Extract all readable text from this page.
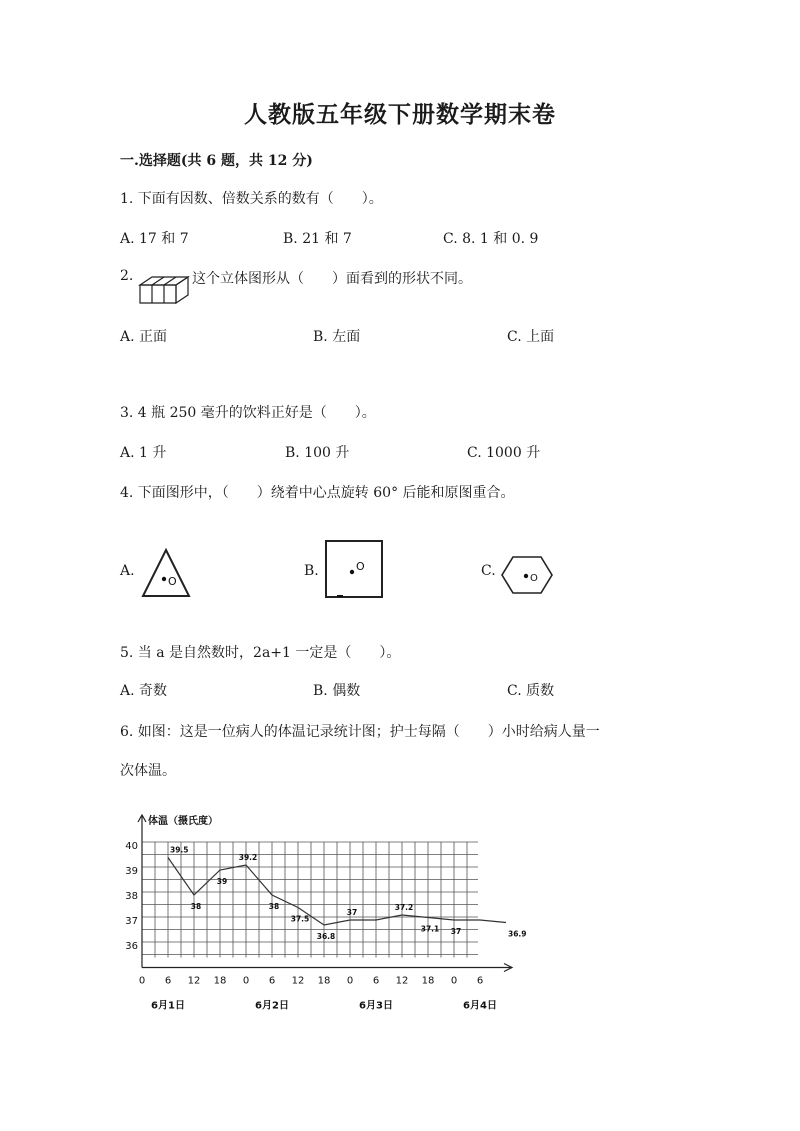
人教版五年级下册数学期末卷
一.选择题(共 6 题，共 12 分)
1. 下面有因数、倍数关系的数有（　　）。
A. 17 和 7	B. 21 和 7	C. 8. 1 和 0. 9
2.	这个立体图形从（　　）面看到的形状不同。
A. 正面	B. 左面	C. 上面
3. 4 瓶 250 毫升的饮料正好是（　　）。
A. 1 升	B. 100 升	C. 1000 升
4. 下面图形中，（　　）绕着中心点旋转 60° 后能和原图重合。
A.
O
B.	O	C.	O
5. 当 a 是自然数时，2a+1 一定是（　　）。
A. 奇数	B. 偶数	C. 质数
6. 如图：这是一位病人的体温记录统计图；护士每隔（　　）小时给病人量一
次体温。
体温（摄氏度）
40
39
38
37
36
0 6 12 18 0 6 12 18 0 6 12 18 0 6
6月1日	6月2日	6月3日	6月4日
39.5
38
39
39.2
38
37.5
36.8
37
37.2
37.1 37	36.9
